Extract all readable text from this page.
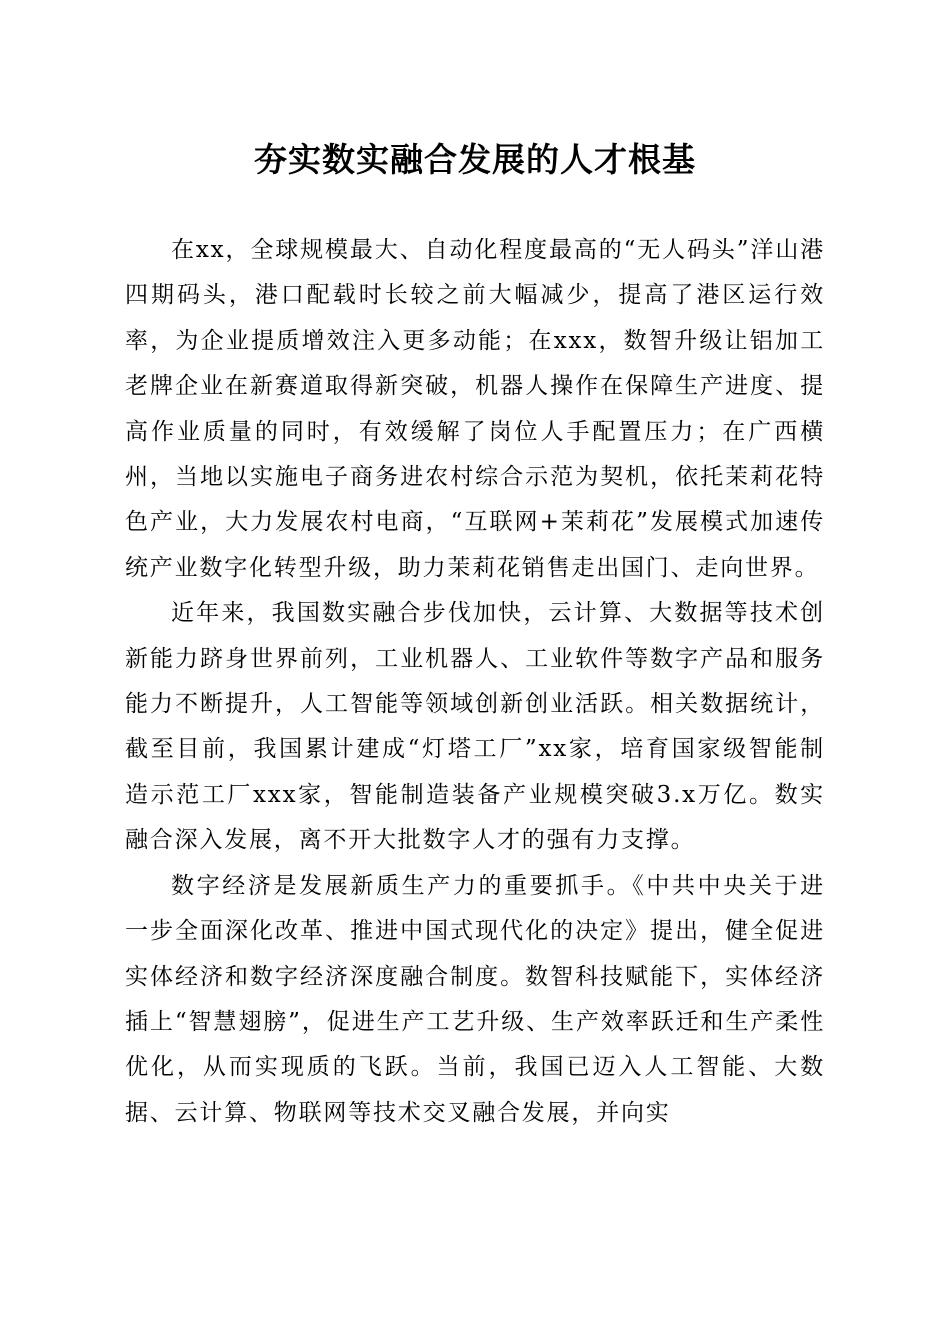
夯实数实融合发展的人才根基

在xx，全球规模最大、自动化程度最高的“无人码头”洋山港四期码头，港口配载时长较之前大幅减少，提高了港区运行效率，为企业提质增效注入更多动能；在xxx，数智升级让铝加工老牌企业在新赛道取得新突破，机器人操作在保障生产进度、提高作业质量的同时，有效缓解了岗位人手配置压力；在广西横州，当地以实施电子商务进农村综合示范为契机，依托茉莉花特色产业，大力发展农村电商，“互联网+茉莉花”发展模式加速传统产业数字化转型升级，助力茉莉花销售走出国门、走向世界。

近年来，我国数实融合步伐加快，云计算、大数据等技术创新能力跻身世界前列，工业机器人、工业软件等数字产品和服务能力不断提升，人工智能等领域创新创业活跃。相关数据统计，截至目前，我国累计建成“灯塔工厂”xx家，培育国家级智能制造示范工厂xxx家，智能制造装备产业规模突破3.x万亿。数实融合深入发展，离不开大批数字人才的强有力支撑。

数字经济是发展新质生产力的重要抓手。《中共中央关于进一步全面深化改革、推进中国式现代化的决定》提出，健全促进实体经济和数字经济深度融合制度。数智科技赋能下，实体经济插上“智慧翅膀”，促进生产工艺升级、生产效率跃迁和生产柔性优化，从而实现质的飞跃。当前，我国已迈入人工智能、大数据、云计算、物联网等技术交叉融合发展，并向实
